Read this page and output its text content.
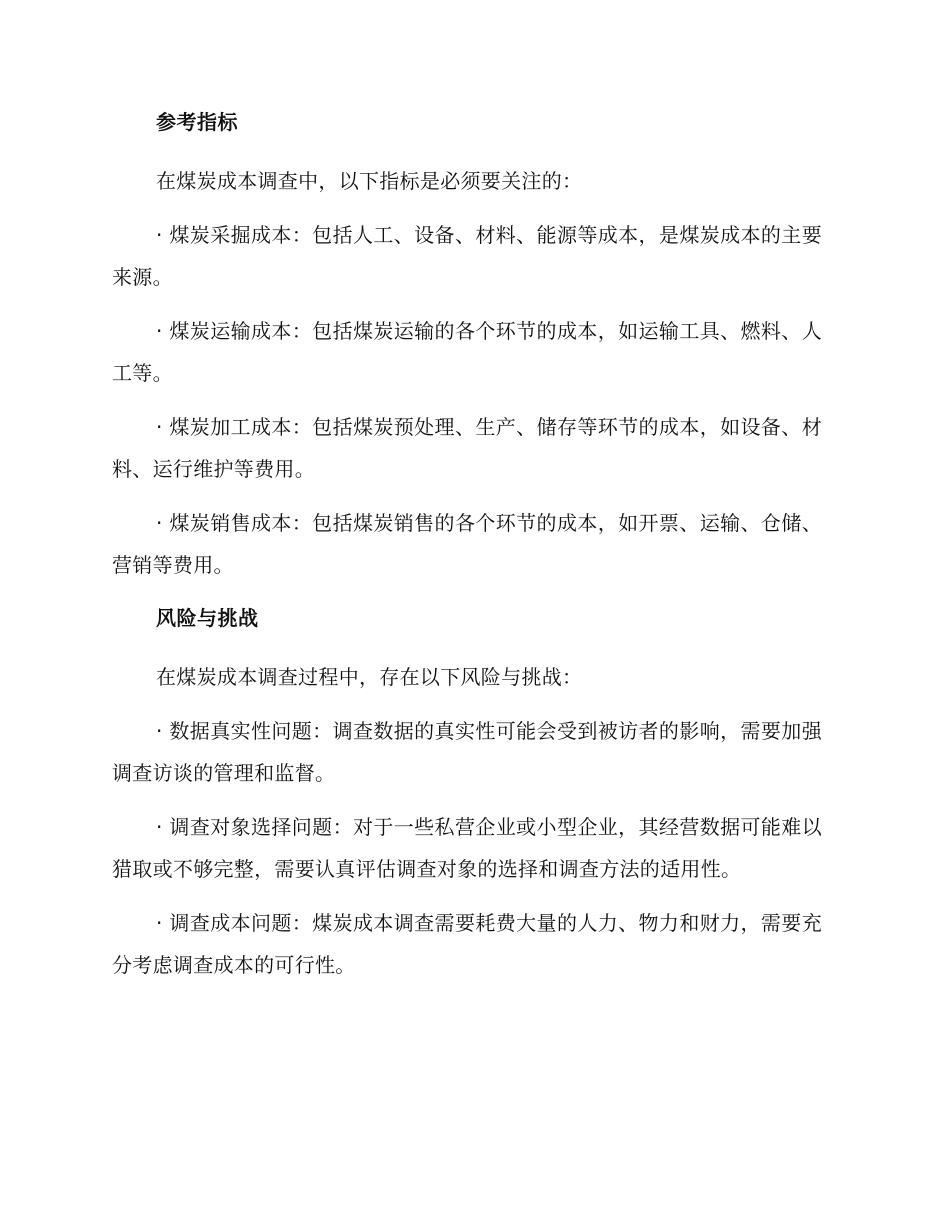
参考指标

在煤炭成本调查中，以下指标是必须要关注的：

· 煤炭采掘成本：包括人工、设备、材料、能源等成本，是煤炭成本的主要来源。

· 煤炭运输成本：包括煤炭运输的各个环节的成本，如运输工具、燃料、人工等。

· 煤炭加工成本：包括煤炭预处理、生产、储存等环节的成本，如设备、材料、运行维护等费用。

· 煤炭销售成本：包括煤炭销售的各个环节的成本，如开票、运输、仓储、营销等费用。

风险与挑战

在煤炭成本调查过程中，存在以下风险与挑战：

· 数据真实性问题：调查数据的真实性可能会受到被访者的影响，需要加强调查访谈的管理和监督。

· 调查对象选择问题：对于一些私营企业或小型企业，其经营数据可能难以猎取或不够完整，需要认真评估调查对象的选择和调查方法的适用性。

· 调查成本问题：煤炭成本调查需要耗费大量的人力、物力和财力，需要充分考虑调查成本的可行性。
